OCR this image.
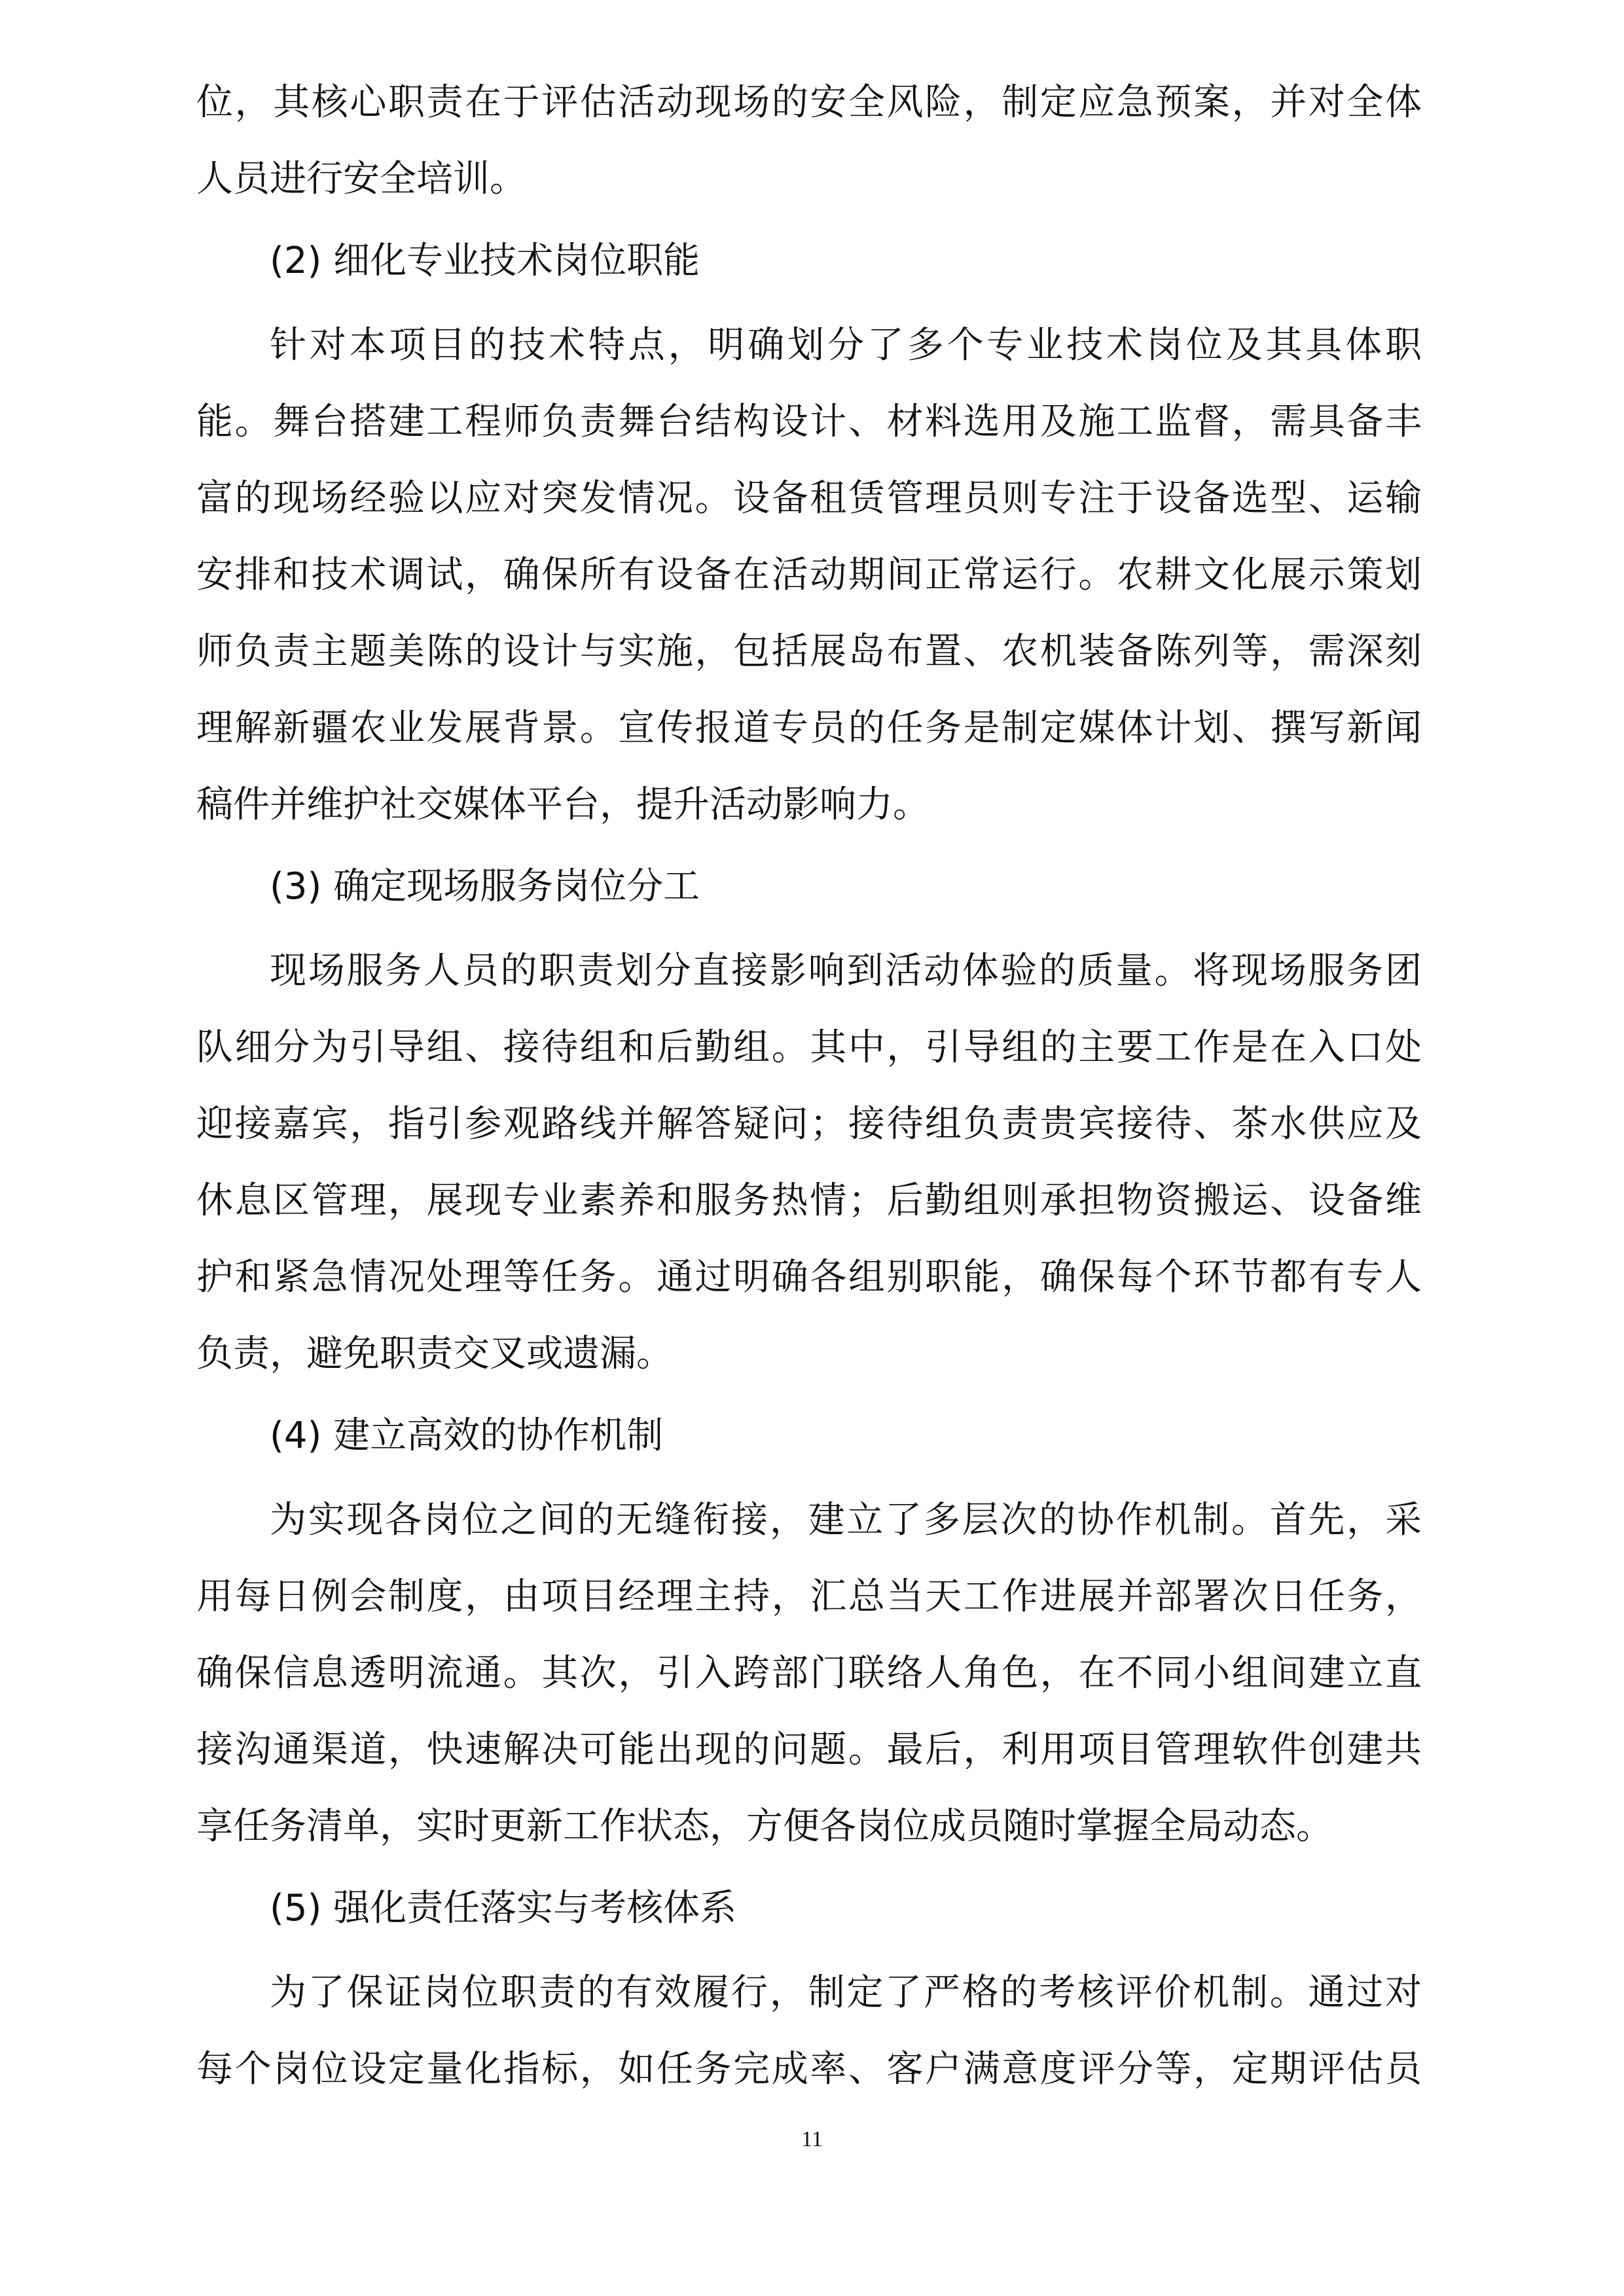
位，其核心职责在于评估活动现场的安全风险，制定应急预案，并对全体
人员进行安全培训。
(2) 细化专业技术岗位职能
针对本项目的技术特点，明确划分了多个专业技术岗位及其具体职
能。舞台搭建工程师负责舞台结构设计、材料选用及施工监督，需具备丰
富的现场经验以应对突发情况。设备租赁管理员则专注于设备选型、运输
安排和技术调试，确保所有设备在活动期间正常运行。农耕文化展示策划
师负责主题美陈的设计与实施，包括展岛布置、农机装备陈列等，需深刻
理解新疆农业发展背景。宣传报道专员的任务是制定媒体计划、撰写新闻
稿件并维护社交媒体平台，提升活动影响力。
(3) 确定现场服务岗位分工
现场服务人员的职责划分直接影响到活动体验的质量。将现场服务团
队细分为引导组、接待组和后勤组。其中，引导组的主要工作是在入口处
迎接嘉宾，指引参观路线并解答疑问；接待组负责贵宾接待、茶水供应及
休息区管理，展现专业素养和服务热情；后勤组则承担物资搬运、设备维
护和紧急情况处理等任务。通过明确各组别职能，确保每个环节都有专人
负责，避免职责交叉或遗漏。
(4) 建立高效的协作机制
为实现各岗位之间的无缝衔接，建立了多层次的协作机制。首先，采
用每日例会制度，由项目经理主持，汇总当天工作进展并部署次日任务，
确保信息透明流通。其次，引入跨部门联络人角色，在不同小组间建立直
接沟通渠道，快速解决可能出现的问题。最后，利用项目管理软件创建共
享任务清单，实时更新工作状态，方便各岗位成员随时掌握全局动态。
(5) 强化责任落实与考核体系
为了保证岗位职责的有效履行，制定了严格的考核评价机制。通过对
每个岗位设定量化指标，如任务完成率、客户满意度评分等，定期评估员
11
